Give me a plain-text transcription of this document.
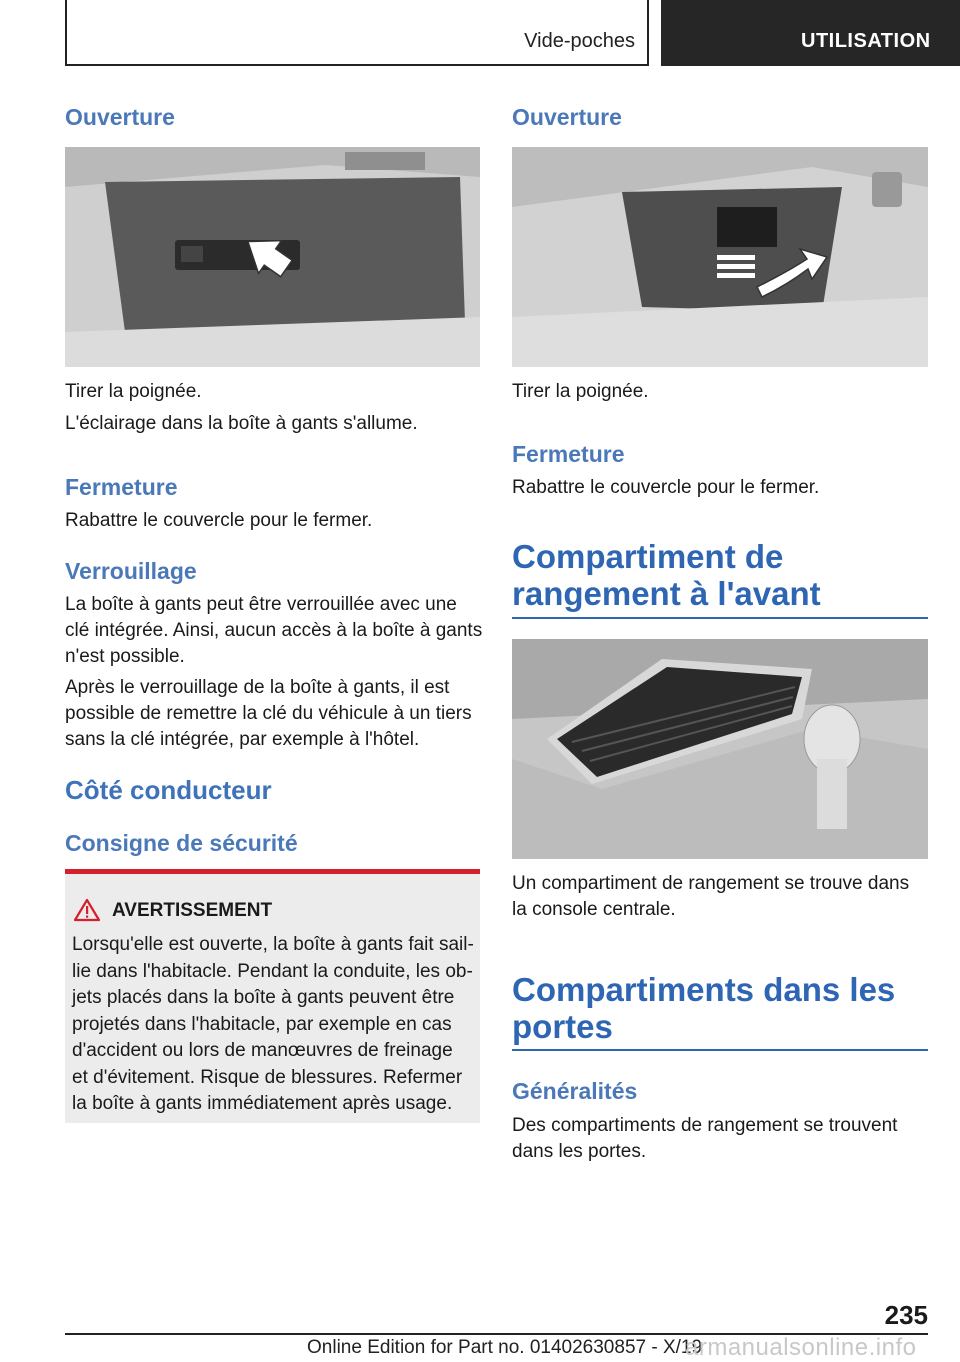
Vide-poches	UTILISATION
Ouverture

Tirer la poignée.

L'éclairage dans la boîte à gants s'allume.

Fermeture

Rabattre le couvercle pour le fermer.

Verrouillage

La boîte à gants peut être verrouillée avec une

clé intégrée. Ainsi, aucun accès à la boîte à gants

n'est possible.

Après le verrouillage de la boîte à gants, il est

possible de remettre la clé du véhicule à un tiers

sans la clé intégrée, par exemple à l'hôtel.

Côté conducteur
Consigne de sécurité
AVERTISSEMENT
Lorsqu'elle est ouverte, la boîte à gants fait sail-
lie dans l'habitacle. Pendant la conduite, les ob-
jets placés dans la boîte à gants peuvent être
projetés dans l'habitacle, par exemple en cas
d'accident ou lors de manœuvres de freinage
et d'évitement. Risque de blessures. Refermer
la boîte à gants immédiatement après usage.
Ouverture

Tirer la poignée.

Fermeture

Rabattre le couvercle pour le fermer.

Compartiment de
rangement à l'avant

Un compartiment de rangement se trouve dans

la console centrale.

Compartiments dans les
portes
Généralités

Des compartiments de rangement se trouvent

dans les portes.

235
Online Edition for Part no. 01402630857 - X/19
armanualsonline.info
